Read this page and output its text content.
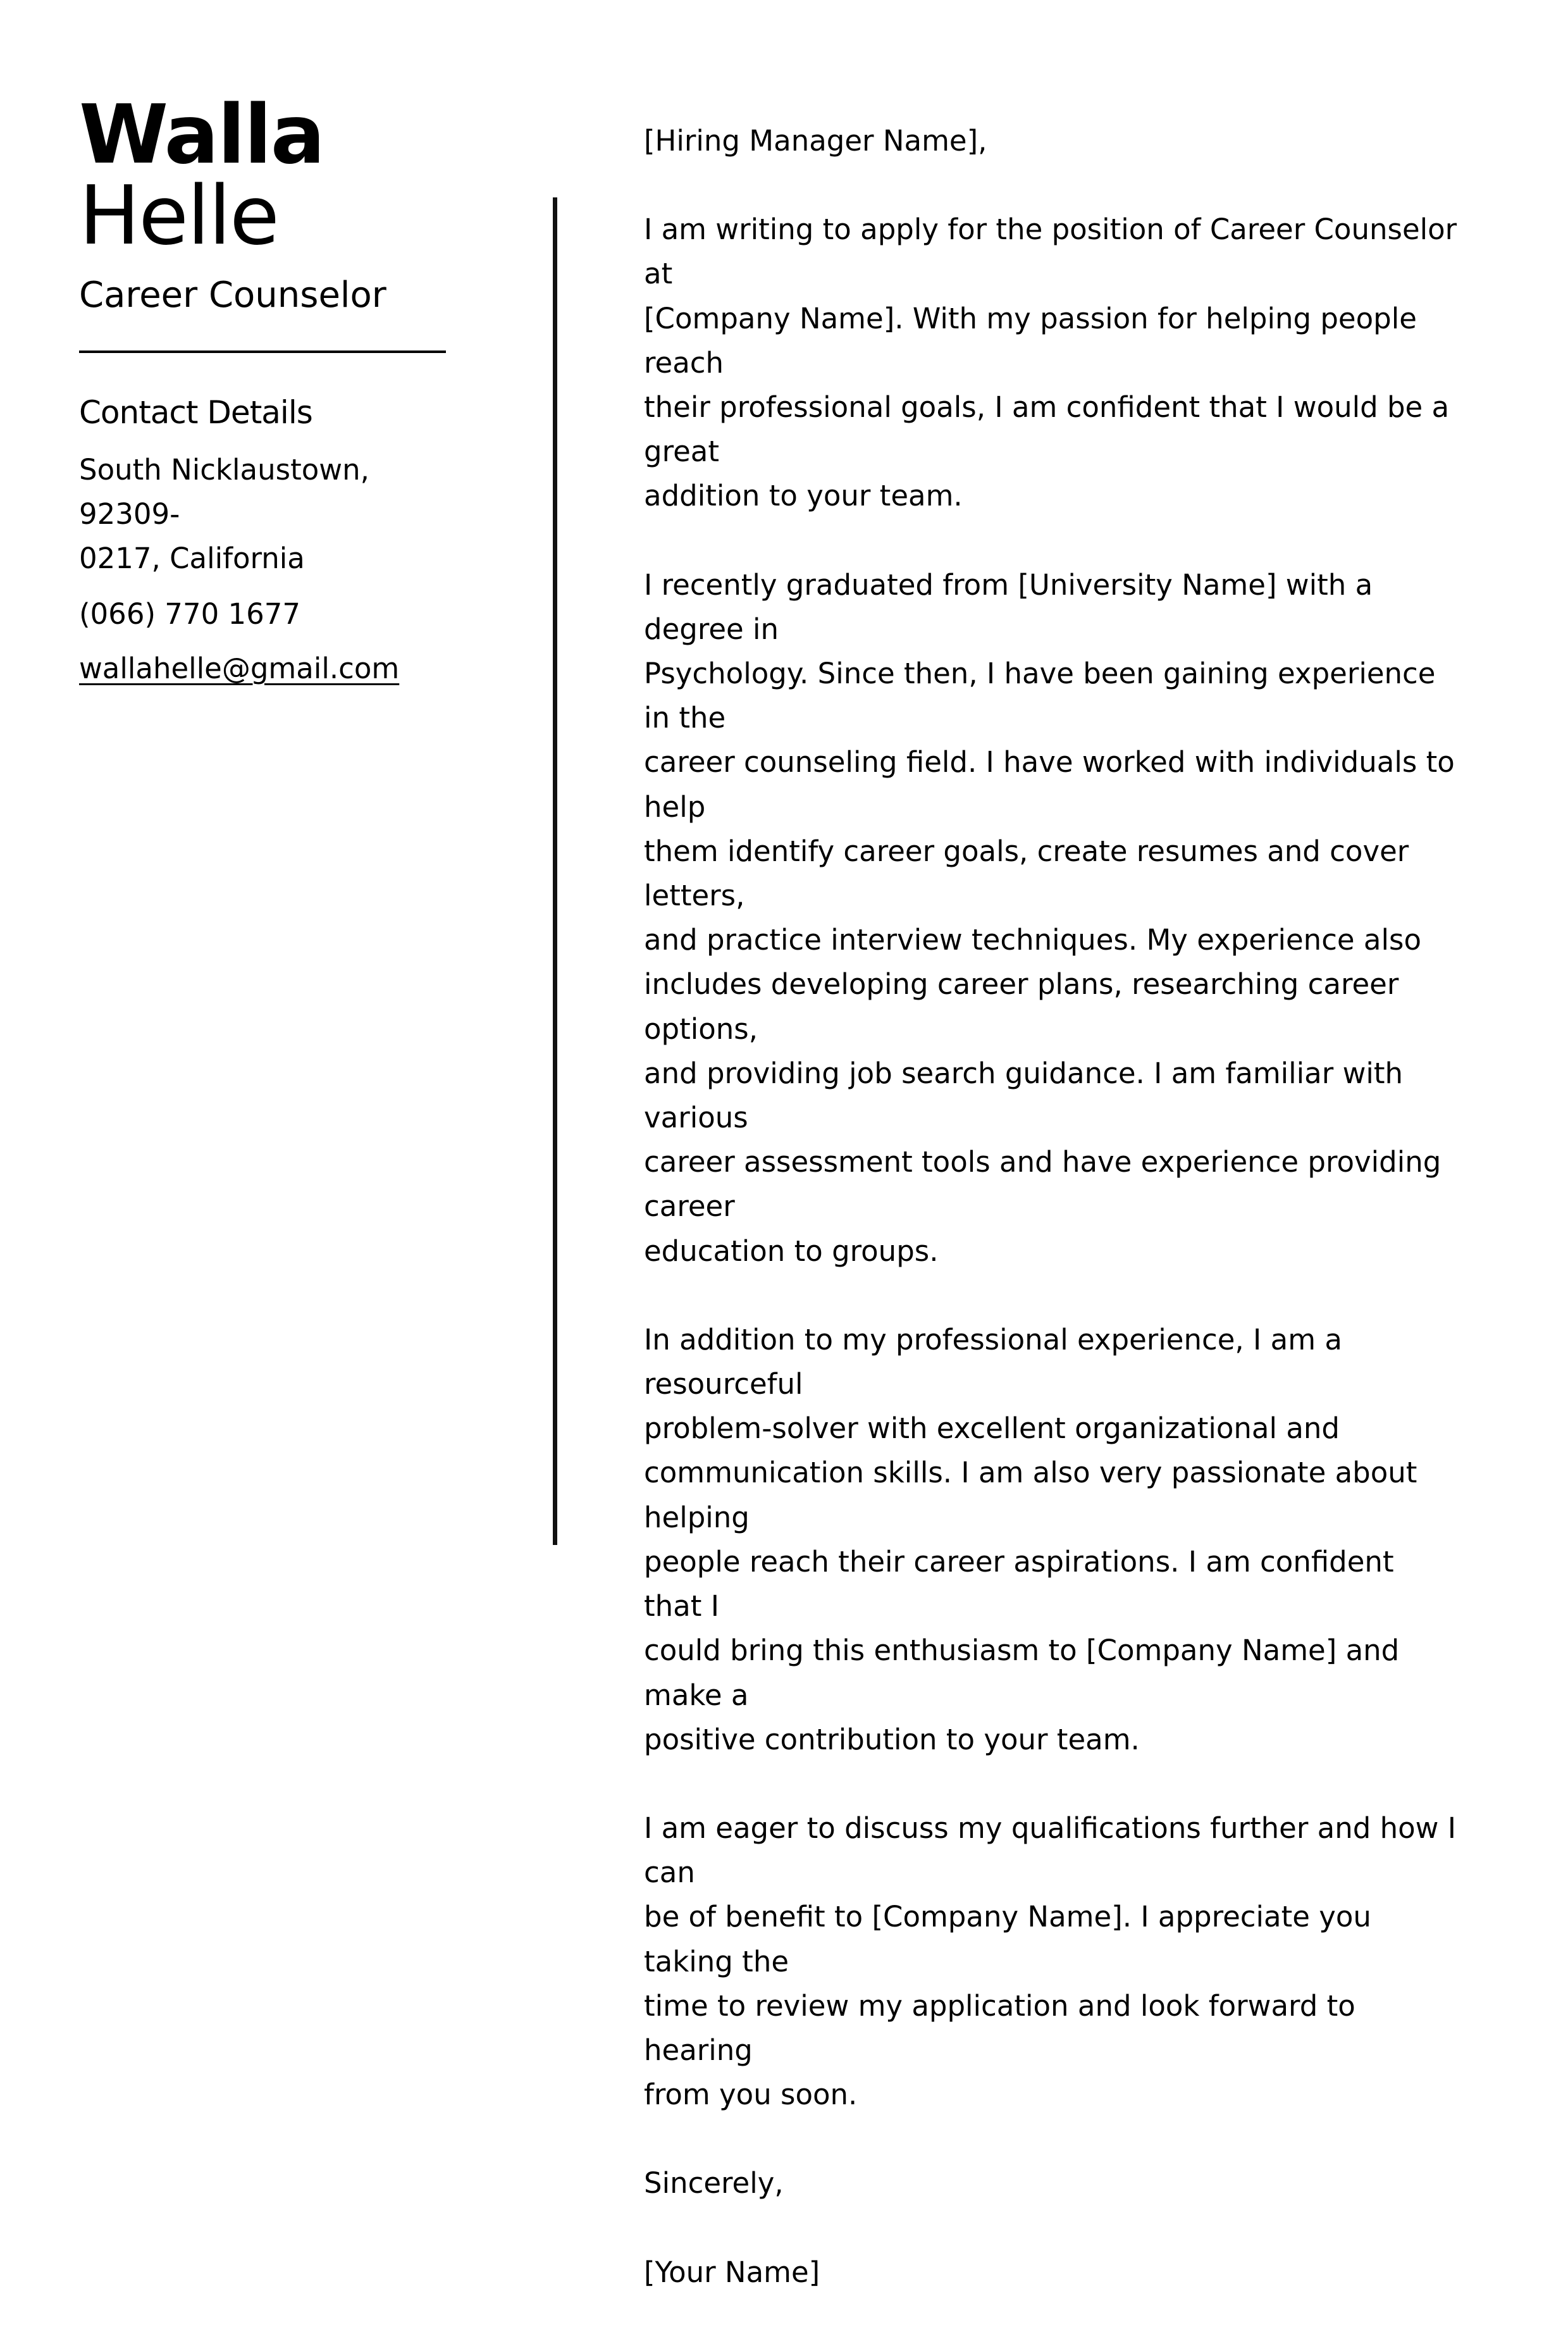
Walla
Helle
Career Counselor
Contact Details
South Nicklaustown, 92309-
0217, California
(066) 770 1677
wallahelle@gmail.com

[Hiring Manager Name],

I am writing to apply for the position of Career Counselor at
[Company Name]. With my passion for helping people reach
their professional goals, I am confident that I would be a great
addition to your team.

I recently graduated from [University Name] with a degree in
Psychology. Since then, I have been gaining experience in the
career counseling field. I have worked with individuals to help
them identify career goals, create resumes and cover letters,
and practice interview techniques. My experience also
includes developing career plans, researching career options,
and providing job search guidance. I am familiar with various
career assessment tools and have experience providing career
education to groups.

In addition to my professional experience, I am a resourceful
problem-solver with excellent organizational and
communication skills. I am also very passionate about helping
people reach their career aspirations. I am confident that I
could bring this enthusiasm to [Company Name] and make a
positive contribution to your team.

I am eager to discuss my qualifications further and how I can
be of benefit to [Company Name]. I appreciate you taking the
time to review my application and look forward to hearing
from you soon.

Sincerely,

[Your Name]
